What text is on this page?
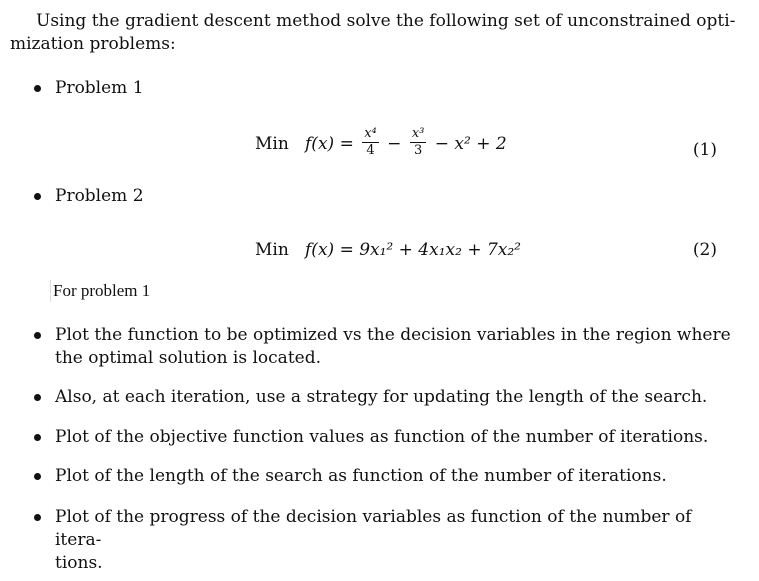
Using the gradient descent method solve the following set of unconstrained opti-
mization problems:
Problem 1
Min $f(x) = \frac{\text{x⁴}}{4} - \frac{\text{x³}}{3} - x^2 + 2$	(1)
Problem 2
Min f(x) = 9x₁² + 4x₁x₂ + 7x₂²	(2)
For problem 1
Plot the function to be optimized vs the decision variables in the region where
the optimal solution is located.
Also, at each iteration, use a strategy for updating the length of the search.
Plot of the objective function values as function of the number of iterations.
Plot of the length of the search as function of the number of iterations.
Plot of the progress of the decision variables as function of the number of itera-
tions.
